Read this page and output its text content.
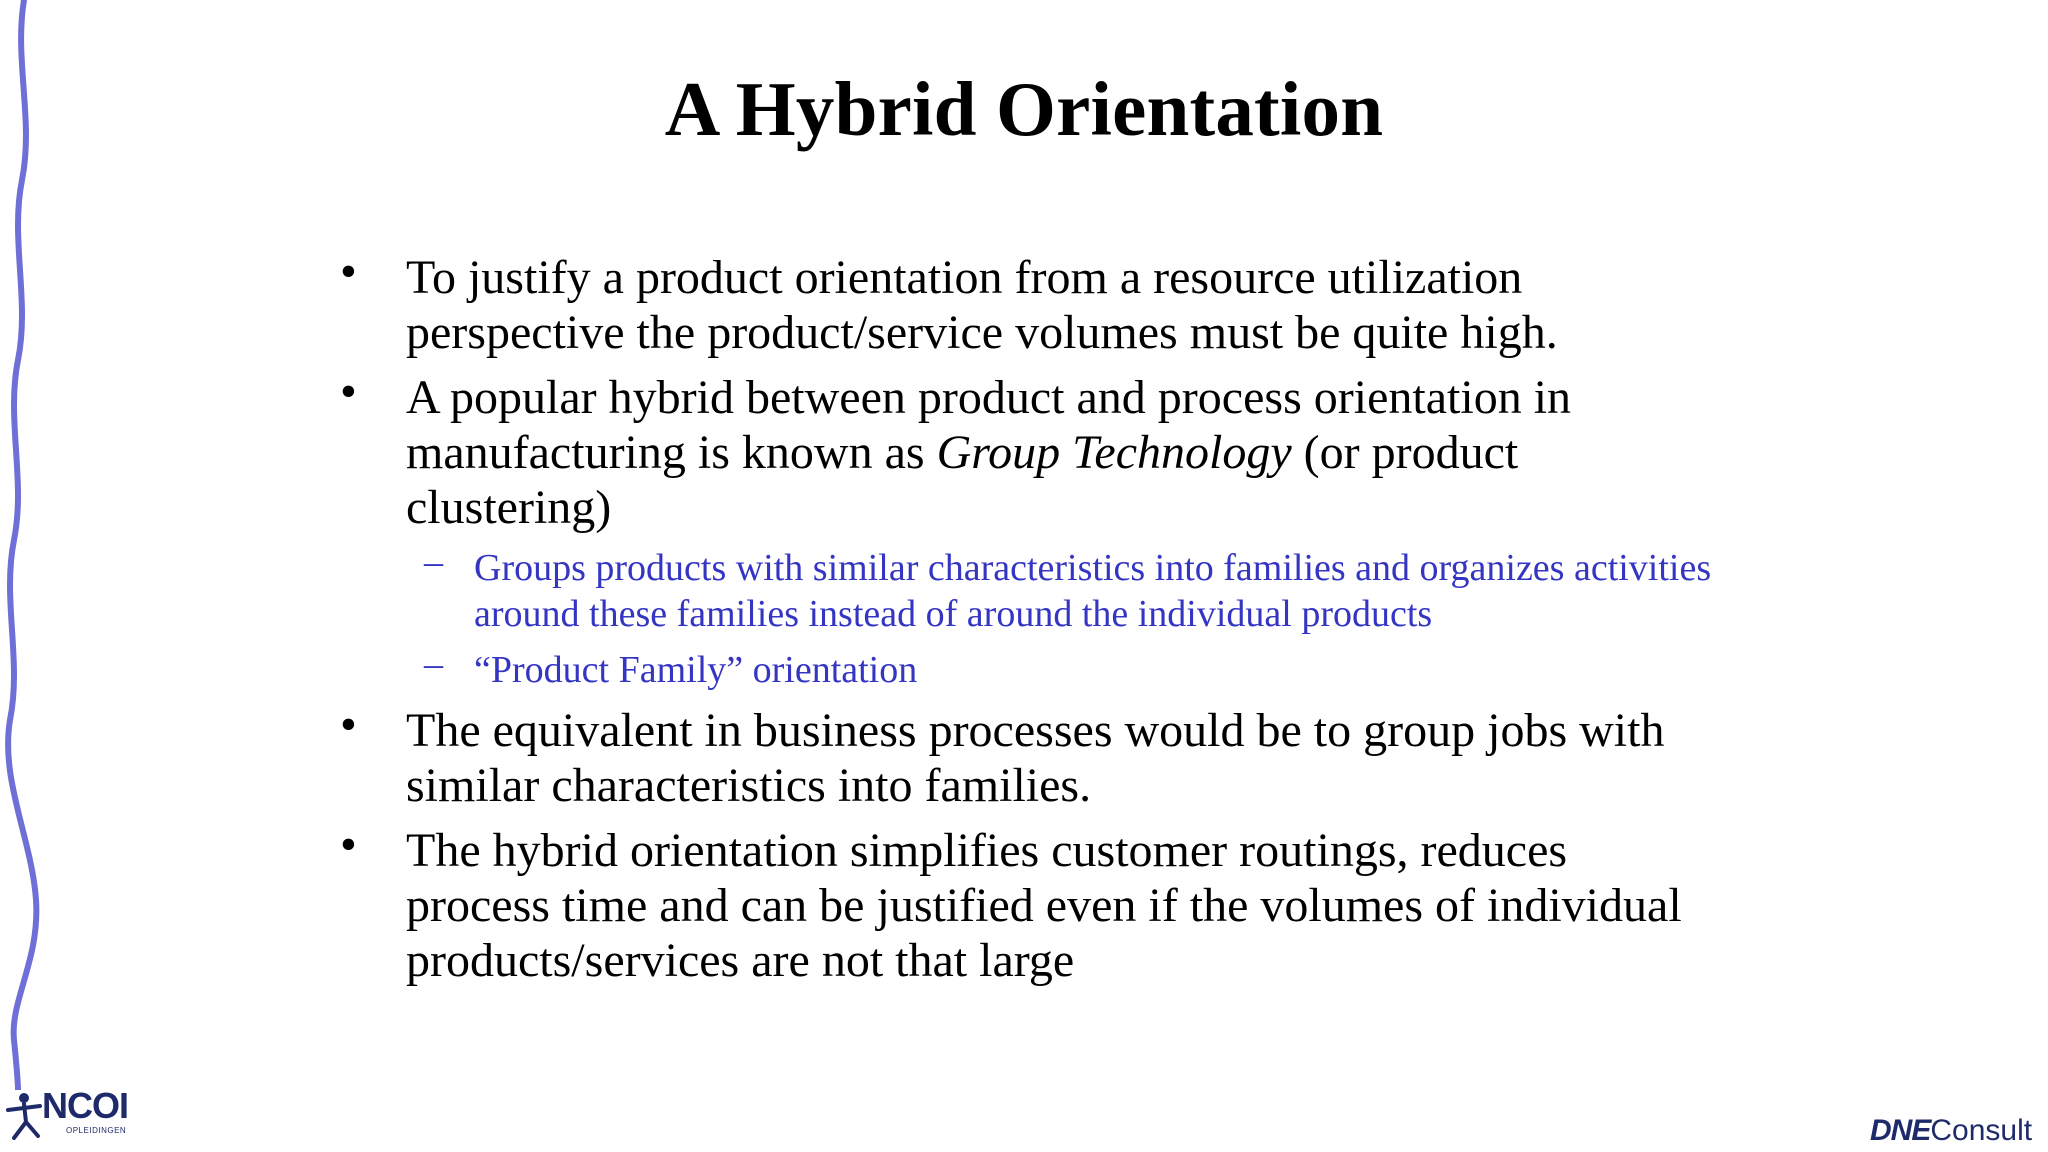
A Hybrid Orientation
• To justify a product orientation from a resource utilization perspective the product/service volumes must be quite high.
• A popular hybrid between product and process orientation in manufacturing is known as Group Technology (or product clustering)
– Groups products with similar characteristics into families and organizes activities around these families instead of around the individual products
– “Product Family” orientation
• The equivalent in business processes would be to group jobs with similar characteristics into families.
• The hybrid orientation simplifies customer routings, reduces process time and can be justified even if the volumes of individual products/services are not that large
NCOI
OPLEIDINGEN	DNEConsult
